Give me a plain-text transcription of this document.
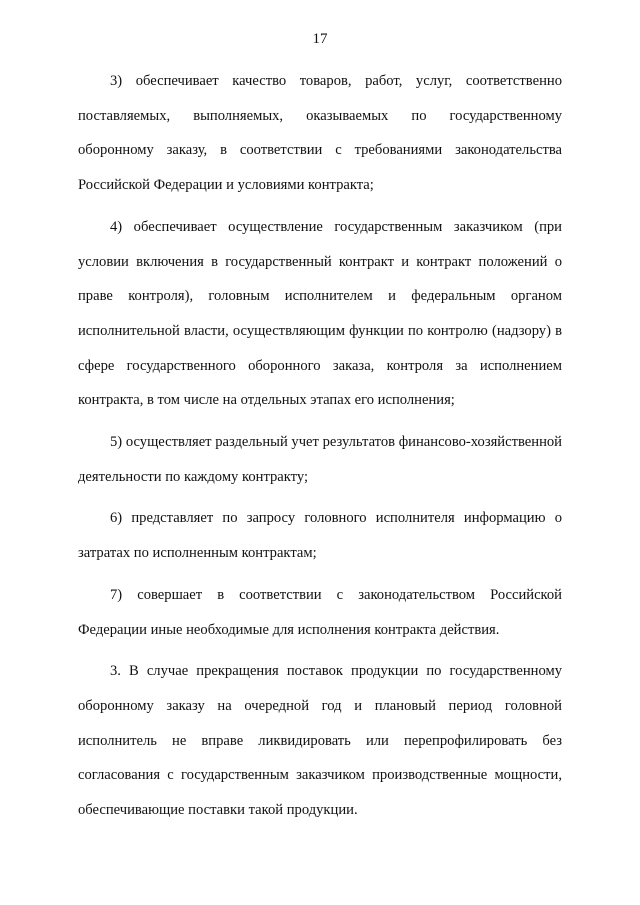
17

3) обеспечивает качество товаров, работ, услуг, соответственно поставляемых, выполняемых, оказываемых по государственному оборонному заказу, в соответствии с требованиями законодательства Российской Федерации и условиями контракта;

4) обеспечивает осуществление государственным заказчиком (при условии включения в государственный контракт и контракт положений о праве контроля), головным исполнителем и федеральным органом исполнительной власти, осуществляющим функции по контролю (надзору) в сфере государственного оборонного заказа, контроля за исполнением контракта, в том числе на отдельных этапах его исполнения;

5) осуществляет раздельный учет результатов финансово-хозяйственной деятельности по каждому контракту;

6) представляет по запросу головного исполнителя информацию о затратах по исполненным контрактам;

7) совершает в соответствии с законодательством Российской Федерации иные необходимые для исполнения контракта действия.

3. В случае прекращения поставок продукции по государственному оборонному заказу на очередной год и плановый период головной исполнитель не вправе ликвидировать или перепрофилировать без согласования с государственным заказчиком производственные мощности, обеспечивающие поставки такой продукции.
